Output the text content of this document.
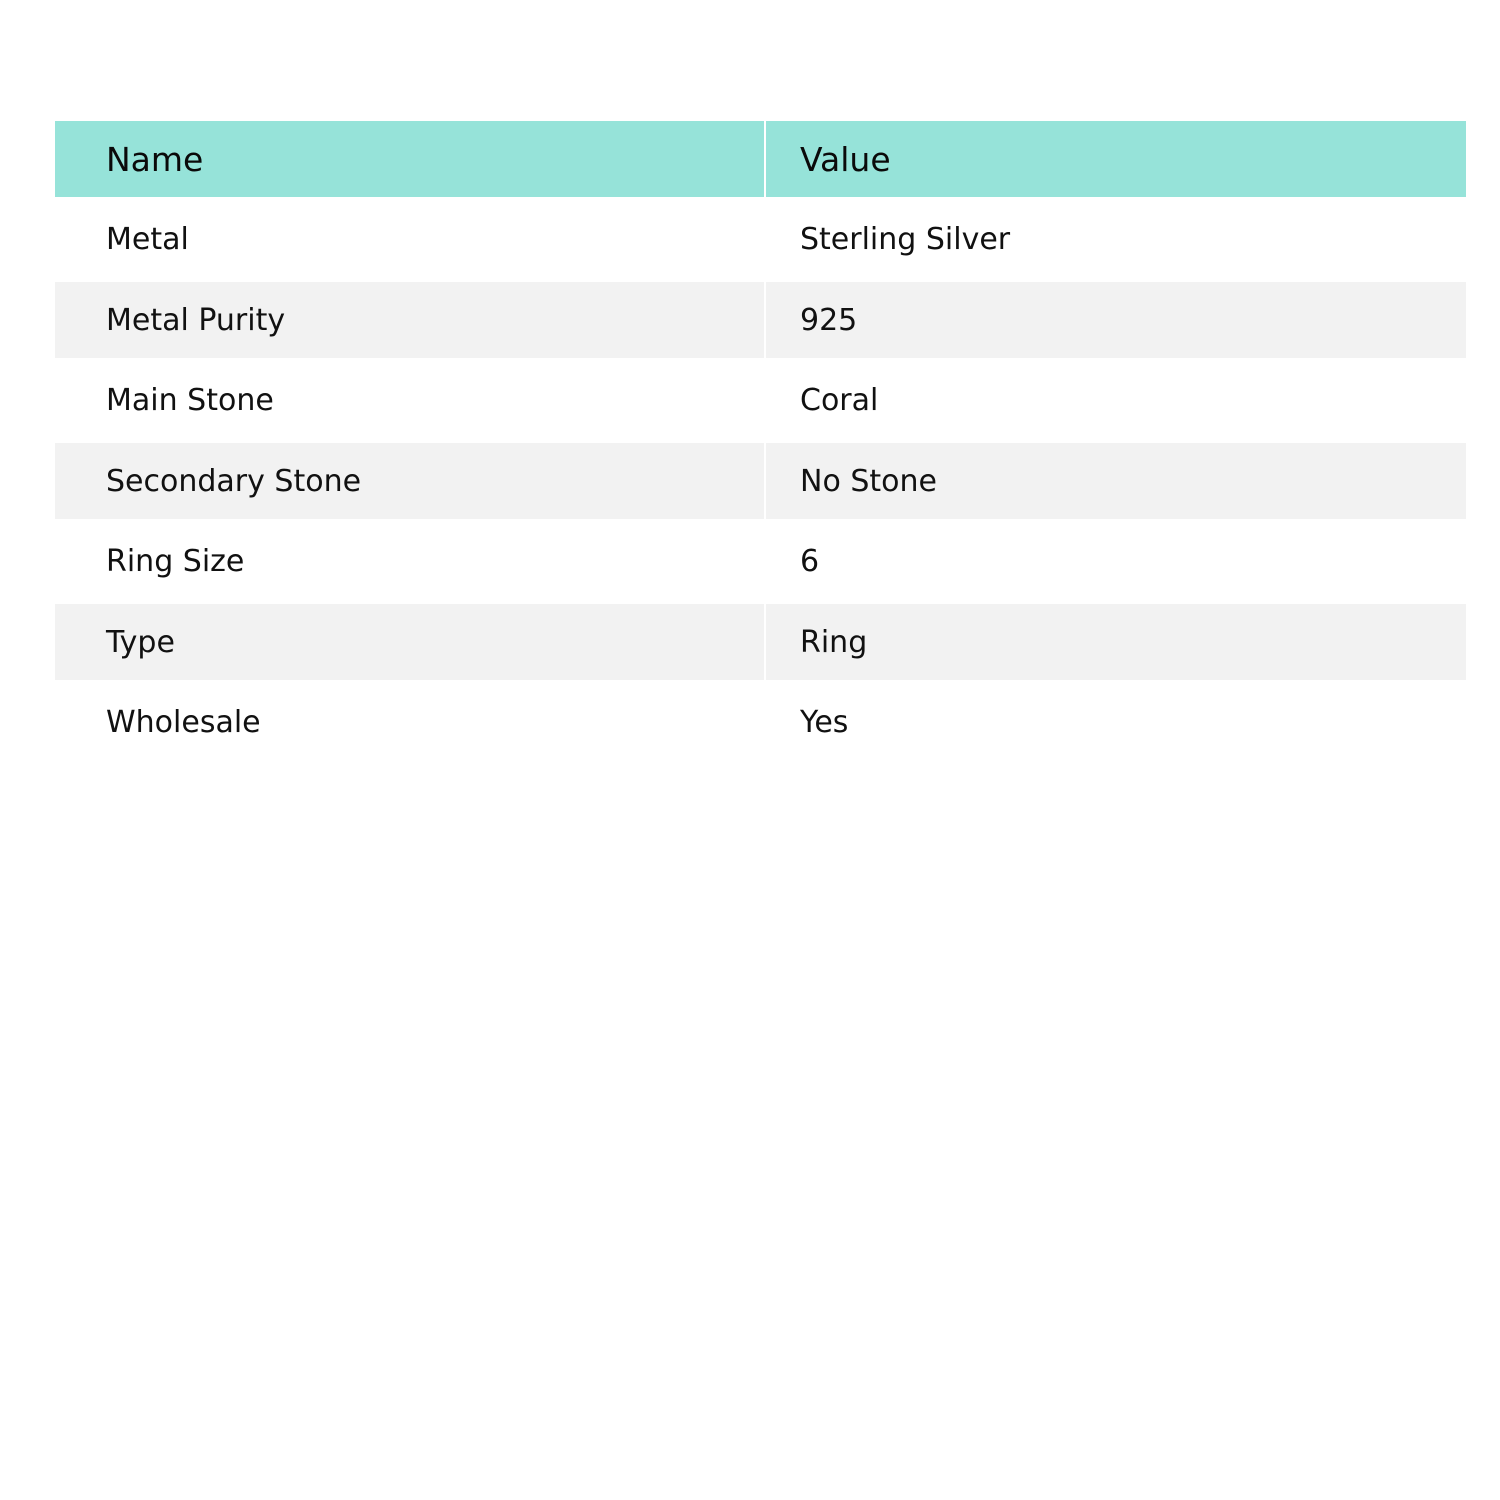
Name	Value
Metal	Sterling Silver
Metal Purity	925
Main Stone	Coral
Secondary Stone	No Stone
Ring Size	6
Type	Ring
Wholesale	Yes
